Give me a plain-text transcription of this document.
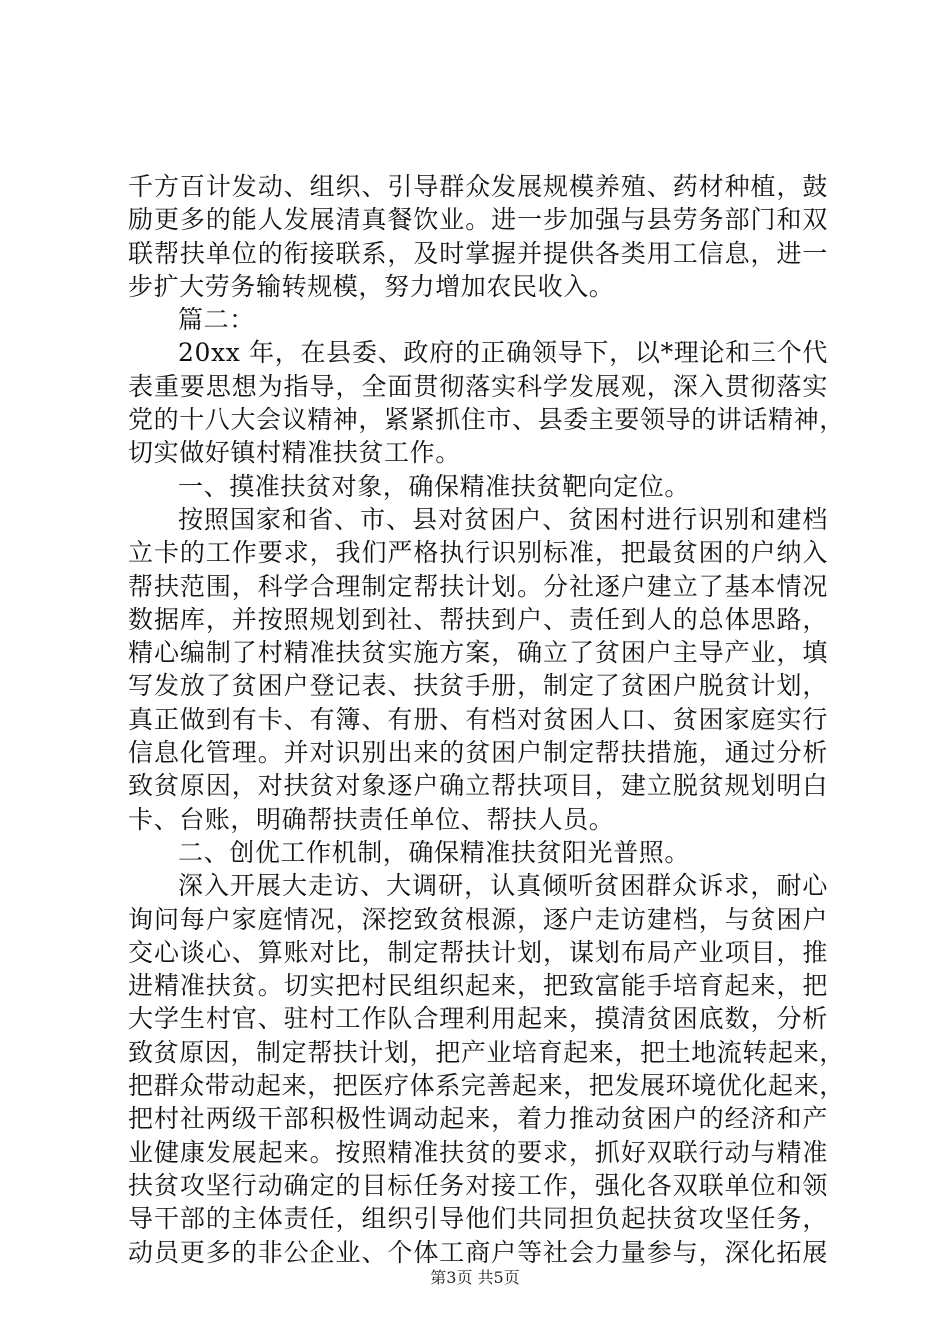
千方百计发动、组织、引导群众发展规模养殖、药材种植，鼓
励更多的能人发展清真餐饮业。进一步加强与县劳务部门和双
联帮扶单位的衔接联系，及时掌握并提供各类用工信息，进一
步扩大劳务输转规模，努力增加农民收入。
篇二：
20xx 年，在县委、政府的正确领导下，以*理论和三个代
表重要思想为指导，全面贯彻落实科学发展观，深入贯彻落实
党的十八大会议精神，紧紧抓住市、县委主要领导的讲话精神，
切实做好镇村精准扶贫工作。
一、摸准扶贫对象，确保精准扶贫靶向定位。
按照国家和省、市、县对贫困户、贫困村进行识别和建档
立卡的工作要求，我们严格执行识别标准，把最贫困的户纳入
帮扶范围，科学合理制定帮扶计划。分社逐户建立了基本情况
数据库，并按照规划到社、帮扶到户、责任到人的总体思路，
精心编制了村精准扶贫实施方案，确立了贫困户主导产业，填
写发放了贫困户登记表、扶贫手册，制定了贫困户脱贫计划，
真正做到有卡、有簿、有册、有档对贫困人口、贫困家庭实行
信息化管理。并对识别出来的贫困户制定帮扶措施，通过分析
致贫原因，对扶贫对象逐户确立帮扶项目，建立脱贫规划明白
卡、台账，明确帮扶责任单位、帮扶人员。
二、创优工作机制，确保精准扶贫阳光普照。
深入开展大走访、大调研，认真倾听贫困群众诉求，耐心
询问每户家庭情况，深挖致贫根源，逐户走访建档，与贫困户
交心谈心、算账对比，制定帮扶计划，谋划布局产业项目，推
进精准扶贫。切实把村民组织起来，把致富能手培育起来，把
大学生村官、驻村工作队合理利用起来，摸清贫困底数，分析
致贫原因，制定帮扶计划，把产业培育起来，把土地流转起来，
把群众带动起来，把医疗体系完善起来，把发展环境优化起来，
把村社两级干部积极性调动起来，着力推动贫困户的经济和产
业健康发展起来。按照精准扶贫的要求，抓好双联行动与精准
扶贫攻坚行动确定的目标任务对接工作，强化各双联单位和领
导干部的主体责任，组织引导他们共同担负起扶贫攻坚任务，
动员更多的非公企业、个体工商户等社会力量参与，深化拓展
第3页 共5页
